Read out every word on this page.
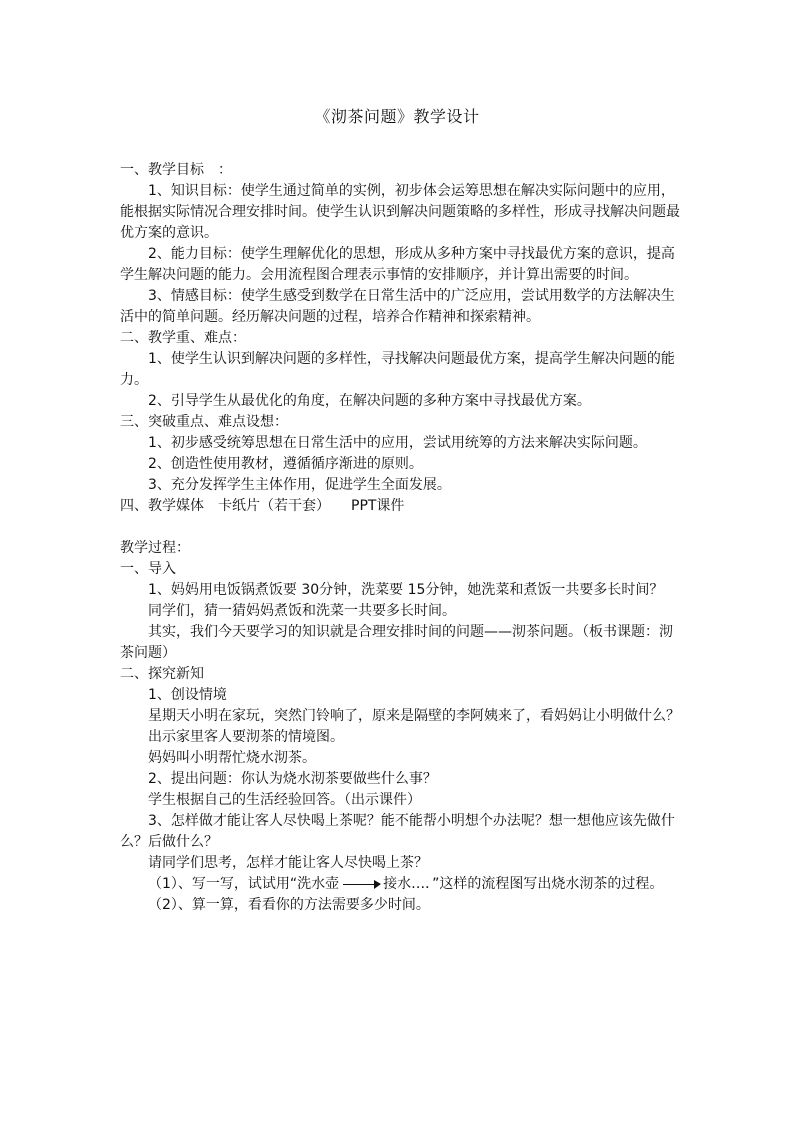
《沏茶问题》教学设计
一、教学目标　：
1、知识目标：使学生通过简单的实例，初步体会运筹思想在解决实际问题中的应用，能根据实际情况合理安排时间。使学生认识到解决问题策略的多样性，形成寻找解决问题最优方案的意识。
2、能力目标：使学生理解优化的思想，形成从多种方案中寻找最优方案的意识，提高学生解决问题的能力。会用流程图合理表示事情的安排顺序，并计算出需要的时间。
3、情感目标：使学生感受到数学在日常生活中的广泛应用，尝试用数学的方法解决生活中的简单问题。经历解决问题的过程，培养合作精神和探索精神。
二、教学重、难点：
1、使学生认识到解决问题的多样性，寻找解决问题最优方案，提高学生解决问题的能力。
2、引导学生从最优化的角度，在解决问题的多种方案中寻找最优方案。
三、突破重点、难点设想：
1、初步感受统筹思想在日常生活中的应用，尝试用统筹的方法来解决实际问题。
2、创造性使用教材，遵循循序渐进的原则。
3、充分发挥学生主体作用，促进学生全面发展。
四、教学媒体　卡纸片（若干套）　　PPT课件
教学过程：
一、导入
1、妈妈用电饭锅煮饭要 30分钟，洗菜要 15分钟，她洗菜和煮饭一共要多长时间？
同学们，猜一猜妈妈煮饭和洗菜一共要多长时间。
其实，我们今天要学习的知识就是合理安排时间的问题——沏茶问题。（板书课题：沏茶问题）
二、探究新知
1、创设情境
星期天小明在家玩，突然门铃响了，原来是隔壁的李阿姨来了，看妈妈让小明做什么？
出示家里客人要沏茶的情境图。
妈妈叫小明帮忙烧水沏茶。
2、提出问题：你认为烧水沏茶要做些什么事？
学生根据自己的生活经验回答。（出示课件）
3、怎样做才能让客人尽快喝上茶呢？能不能帮小明想个办法呢？想一想他应该先做什么？后做什么？
请同学们思考，怎样才能让客人尽快喝上茶？
（1）、写一写，试试用“洗水壶	接水…．”这样的流程图写出烧水沏茶的过程。
（2）、算一算，看看你的方法需要多少时间。
